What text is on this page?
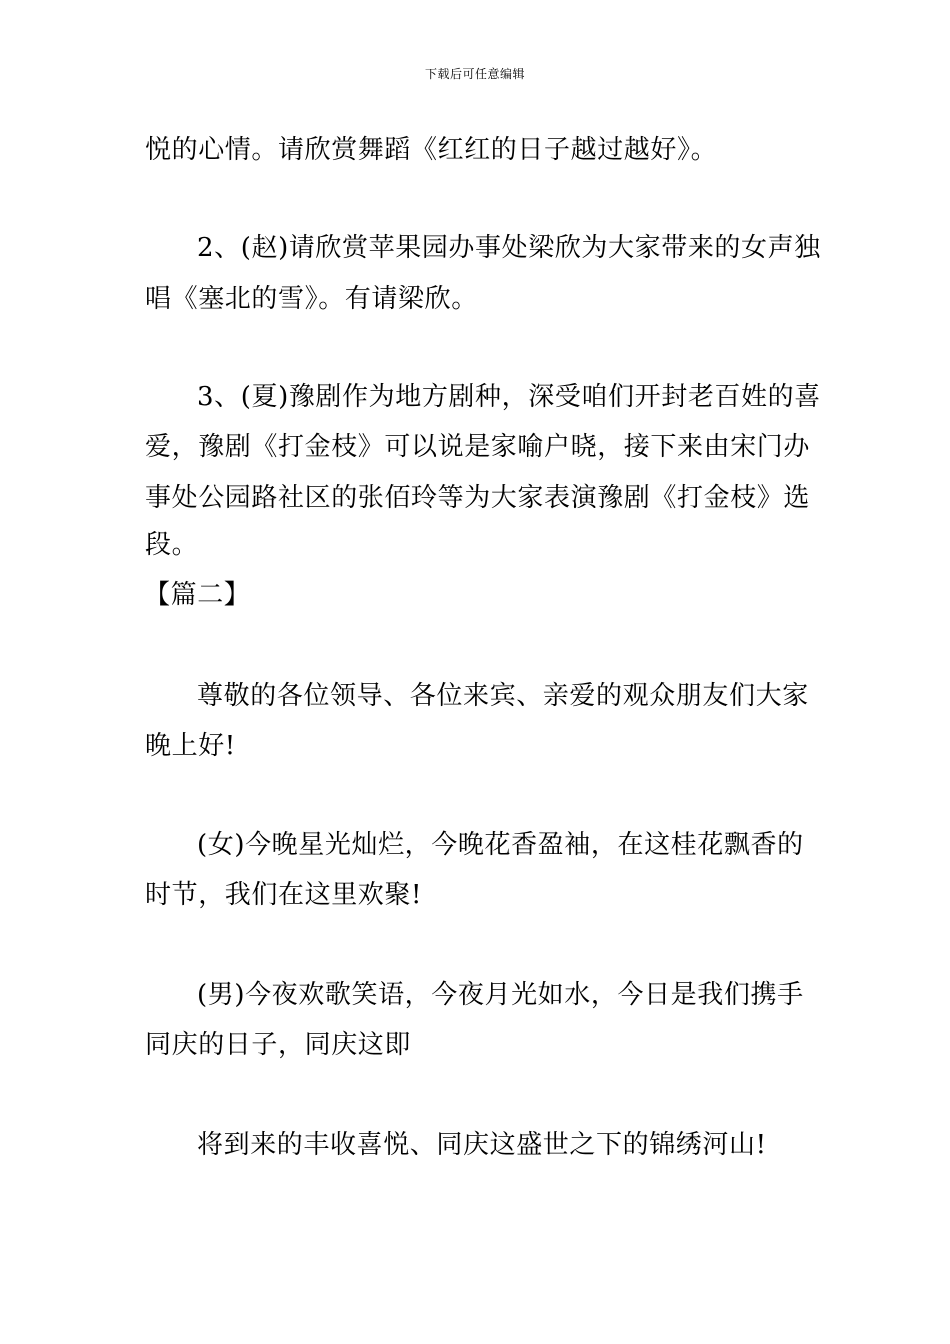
下载后可任意编辑
悦的心情。请欣赏舞蹈《红红的日子越过越好》。
2、(赵)请欣赏苹果园办事处梁欣为大家带来的女声独
唱《塞北的雪》。有请梁欣。
3、(夏)豫剧作为地方剧种，深受咱们开封老百姓的喜
爱，豫剧《打金枝》可以说是家喻户晓，接下来由宋门办
事处公园路社区的张佰玲等为大家表演豫剧《打金枝》选
段。
【篇二】
尊敬的各位领导、各位来宾、亲爱的观众朋友们大家
晚上好!
(女)今晚星光灿烂，今晚花香盈袖，在这桂花飘香的
时节，我们在这里欢聚!
(男)今夜欢歌笑语，今夜月光如水，今日是我们携手
同庆的日子，同庆这即
将到来的丰收喜悦、同庆这盛世之下的锦绣河山!
